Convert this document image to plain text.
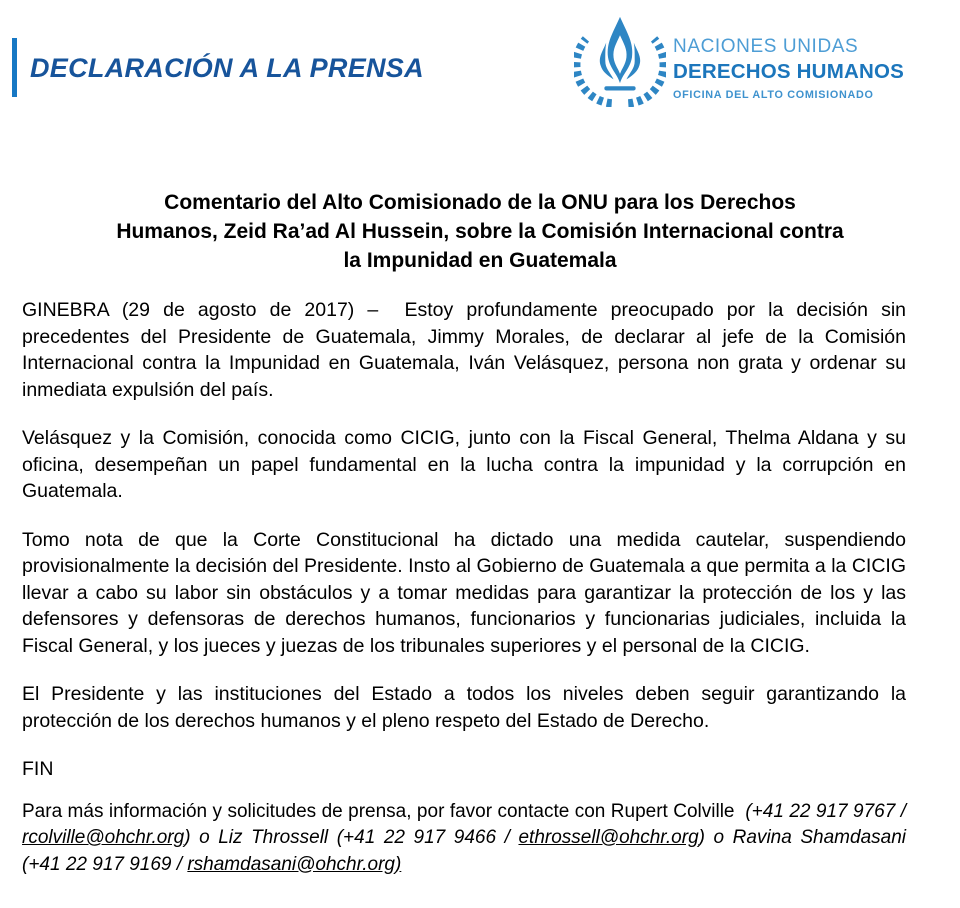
DECLARACIÓN A LA PRENSA
NACIONES UNIDAS
DERECHOS HUMANOS
OFICINA DEL ALTO COMISIONADO
Comentario del Alto Comisionado de la ONU para los Derechos
Humanos, Zeid Ra’ad Al Hussein, sobre la Comisión Internacional contra
la Impunidad en Guatemala

GINEBRA (29 de agosto de 2017) –  Estoy profundamente preocupado por la decisión sin precedentes del Presidente de Guatemala, Jimmy Morales, de declarar al jefe de la Comisión Internacional contra la Impunidad en Guatemala, Iván Velásquez, persona non grata y ordenar su inmediata expulsión del país.

Velásquez y la Comisión, conocida como CICIG, junto con la Fiscal General, Thelma Aldana y su oficina, desempeñan un papel fundamental en la lucha contra la impunidad y la corrupción en Guatemala.

Tomo nota de que la Corte Constitucional ha dictado una medida cautelar, suspendiendo provisionalmente la decisión del Presidente. Insto al Gobierno de Guatemala a que permita a la CICIG llevar a cabo su labor sin obstáculos y a tomar medidas para garantizar la protección de los y las defensores y defensoras de derechos humanos, funcionarios y funcionarias judiciales, incluida la Fiscal General, y los jueces y juezas de los tribunales superiores y el personal de la CICIG.

El Presidente y las instituciones del Estado a todos los niveles deben seguir garantizando la protección de los derechos humanos y el pleno respeto del Estado de Derecho.

FIN

Para más información y solicitudes de prensa, por favor contacte con Rupert Colville  (+41 22 917 9767 / rcolville@ohchr.org) o Liz Throssell (+41 22 917 9466 / ethrossell@ohchr.org) o Ravina Shamdasani (+41 22 917 9169 / rshamdasani@ohchr.org)
